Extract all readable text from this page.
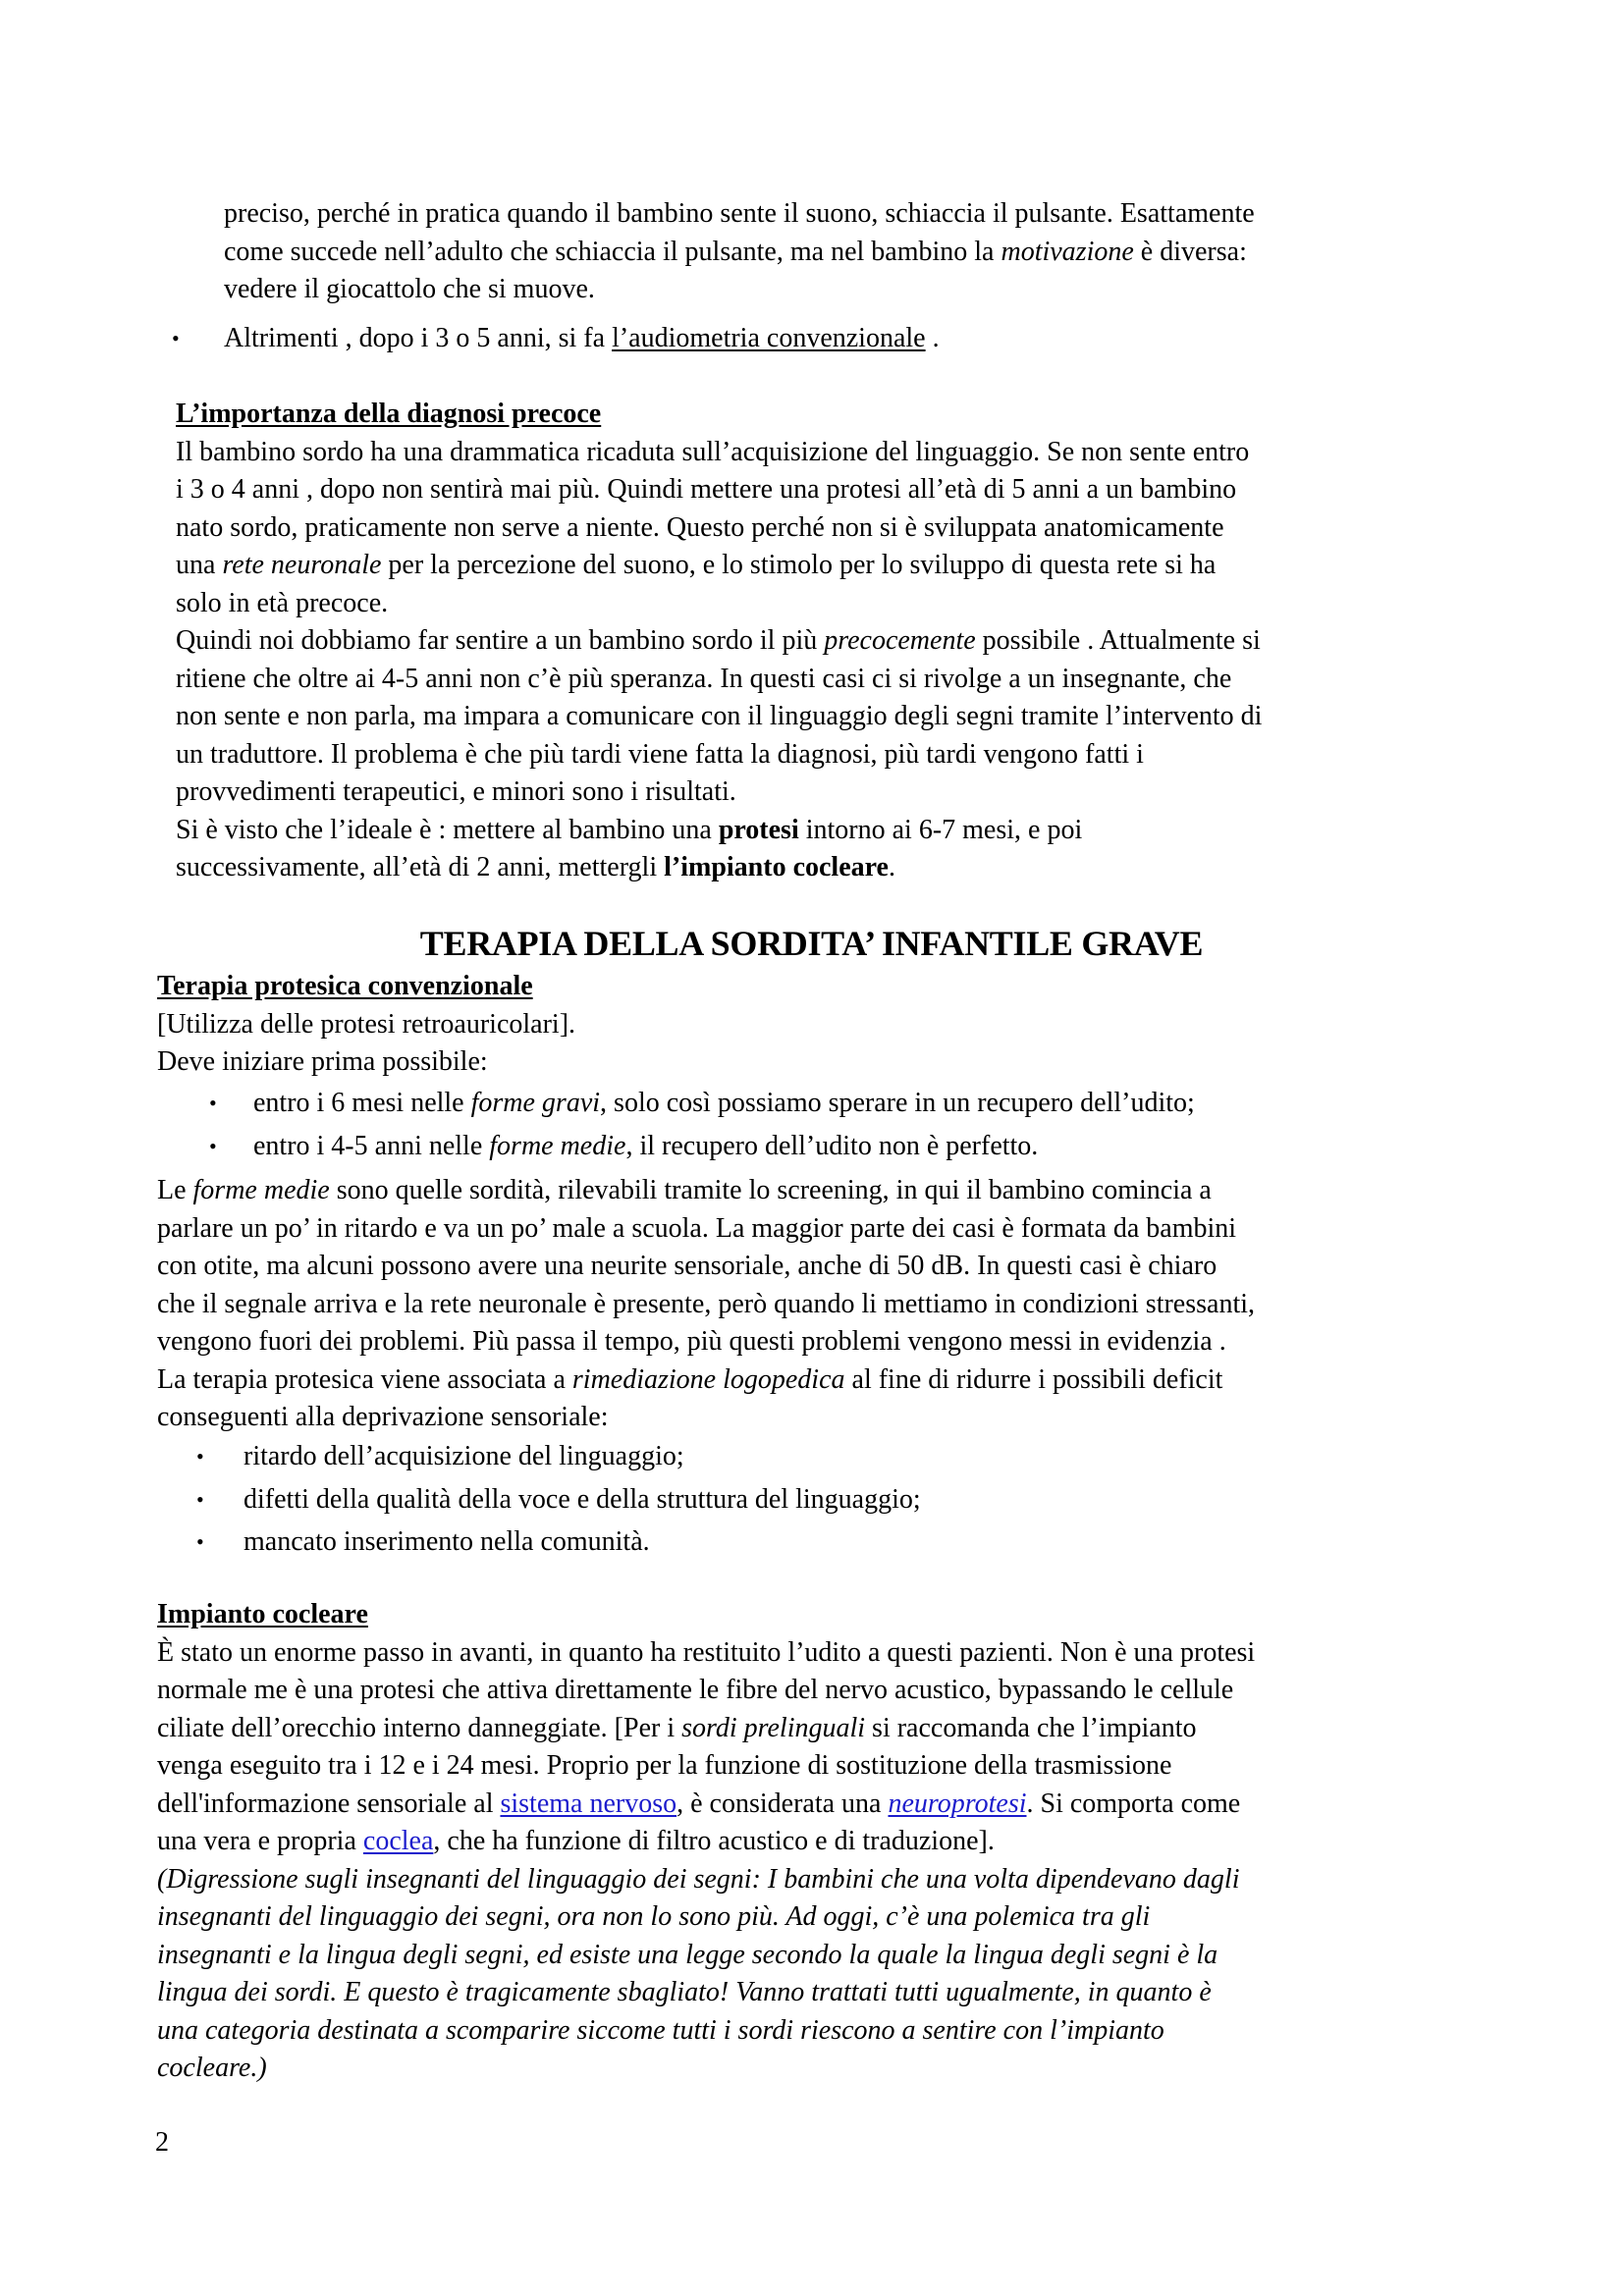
preciso, perché in pratica quando il bambino sente il suono, schiaccia il pulsante. Esattamente
come succede nell’adulto che schiaccia il pulsante, ma nel bambino la motivazione è diversa:
vedere il giocattolo che si muove.
• Altrimenti , dopo i 3 o 5 anni, si fa l’audiometria convenzionale .
L’importanza della diagnosi precoce
Il bambino sordo ha una drammatica ricaduta sull’acquisizione del linguaggio. Se non sente entro
i 3 o 4 anni , dopo non sentirà mai più. Quindi mettere una protesi all’età di 5 anni a un bambino
nato sordo, praticamente non serve a niente. Questo perché non si è sviluppata anatomicamente
una rete neuronale per la percezione del suono, e lo stimolo per lo sviluppo di questa rete si ha
solo in età precoce.
Quindi noi dobbiamo far sentire a un bambino sordo il più precocemente possibile . Attualmente si
ritiene che oltre ai 4-5 anni non c’è più speranza. In questi casi ci si rivolge a un insegnante, che
non sente e non parla, ma impara a comunicare con il linguaggio degli segni tramite l’intervento di
un traduttore. Il problema è che più tardi viene fatta la diagnosi, più tardi vengono fatti i
provvedimenti terapeutici, e minori sono i risultati.
Si è visto che l’ideale è : mettere al bambino una protesi intorno ai 6-7 mesi, e poi
successivamente, all’età di 2 anni, mettergli l’impianto cocleare.
TERAPIA DELLA SORDITA’ INFANTILE GRAVE
Terapia protesica convenzionale
[Utilizza delle protesi retroauricolari].
Deve iniziare prima possibile:
• entro i 6 mesi nelle forme gravi, solo così possiamo sperare in un recupero dell’udito;
• entro i 4-5 anni nelle forme medie, il recupero dell’udito non è perfetto.
Le forme medie sono quelle sordità, rilevabili tramite lo screening, in qui il bambino comincia a
parlare un po’ in ritardo e va un po’ male a scuola. La maggior parte dei casi è formata da bambini
con otite, ma alcuni possono avere una neurite sensoriale, anche di 50 dB. In questi casi è chiaro
che il segnale arriva e la rete neuronale è presente, però quando li mettiamo in condizioni stressanti,
vengono fuori dei problemi. Più passa il tempo, più questi problemi vengono messi in evidenzia .
La terapia protesica viene associata a rimediazione logopedica al fine di ridurre i possibili deficit
conseguenti alla deprivazione sensoriale:
• ritardo dell’acquisizione del linguaggio;
• difetti della qualità della voce e della struttura del linguaggio;
• mancato inserimento nella comunità.
Impianto cocleare
È stato un enorme passo in avanti, in quanto ha restituito l’udito a questi pazienti. Non è una protesi
normale me è una protesi che attiva direttamente le fibre del nervo acustico, bypassando le cellule
ciliate dell’orecchio interno danneggiate. [Per i sordi prelinguali si raccomanda che l’impianto
venga eseguito tra i 12 e i 24 mesi. Proprio per la funzione di sostituzione della trasmissione
dell'informazione sensoriale al sistema nervoso, è considerata una neuroprotesi. Si comporta come
una vera e propria coclea, che ha funzione di filtro acustico e di traduzione].
(Digressione sugli insegnanti del linguaggio dei segni: I bambini che una volta dipendevano dagli
insegnanti del linguaggio dei segni, ora non lo sono più. Ad oggi, c’è una polemica tra gli
insegnanti e la lingua degli segni, ed esiste una legge secondo la quale la lingua degli segni è la
lingua dei sordi. E questo è tragicamente sbagliato! Vanno trattati tutti ugualmente, in quanto è
una categoria destinata a scomparire siccome tutti i sordi riescono a sentire con l’impianto
cocleare.)
2
